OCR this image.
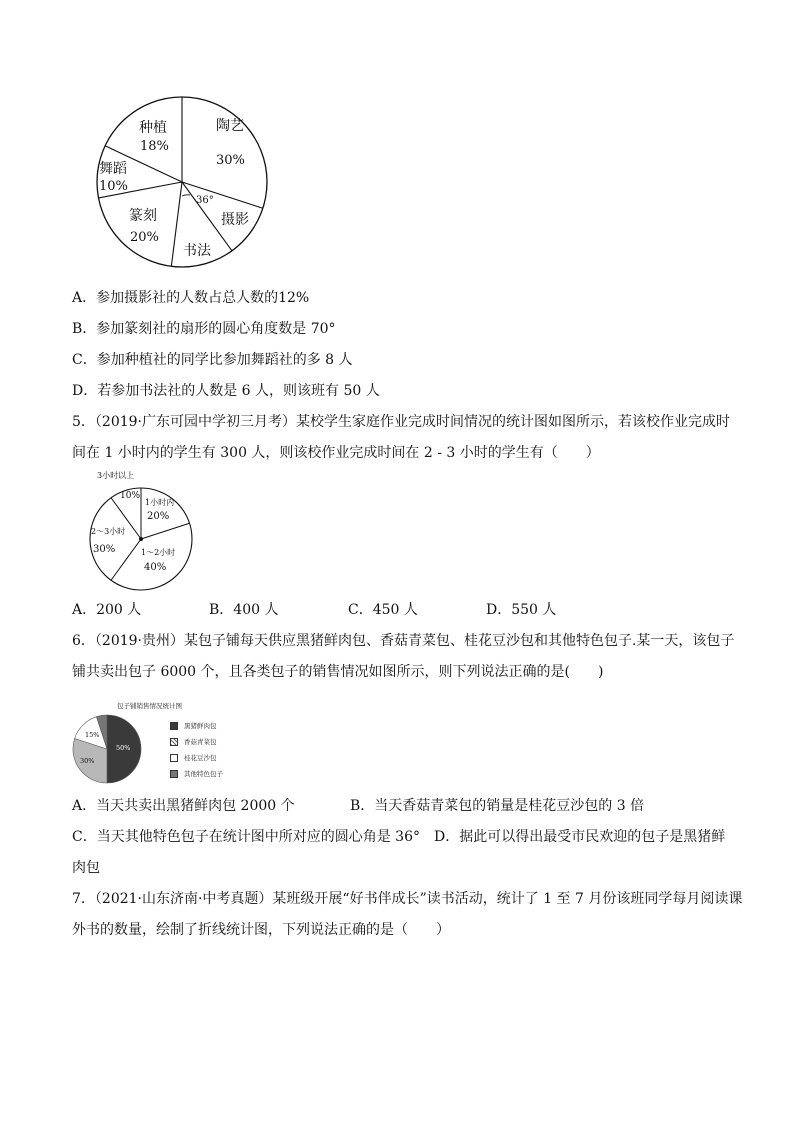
陶艺
30%
摄影
书法
篆刻
20%
舞蹈
10%
种植
18%
36°
A．参加摄影社的人数占总人数的12%
B．参加篆刻社的扇形的圆心角度数是 70°
C．参加种植社的同学比参加舞蹈社的多 8 人
D．若参加书法社的人数是 6 人，则该班有 50 人
5．（2019·广东可园中学初三月考）某校学生家庭作业完成时间情况的统计图如图所示，若该校作业完成时
间在 1 小时内的学生有 300 人，则该校作业完成时间在 2 - 3 小时的学生有（　　）
3小时以上
10%
1小时内
20%
2～3小时
30%	1～2小时
40%
A．200 人	B．400 人	C．450 人	D．550 人
6．（2019·贵州）某包子铺每天供应黑猪鲜肉包、香菇青菜包、桂花豆沙包和其他特色包子.某一天，该包子
铺共卖出包子 6000 个，且各类包子的销售情况如图所示，则下列说法正确的是(　　)
包子铺销售情况统计图
50%
30%
15%
黑猪鲜肉包
香菇青菜包
桂花豆沙包
其他特色包子
A．当天共卖出黑猪鲜肉包 2000 个	B．当天香菇青菜包的销量是桂花豆沙包的 3 倍
C．当天其他特色包子在统计图中所对应的圆心角是 36° D．据此可以得出最受市民欢迎的包子是黑猪鲜
肉包
7．（2021·山东济南·中考真题）某班级开展“好书伴成长”读书活动，统计了 1 至 7 月份该班同学每月阅读课
外书的数量，绘制了折线统计图，下列说法正确的是（　　）
